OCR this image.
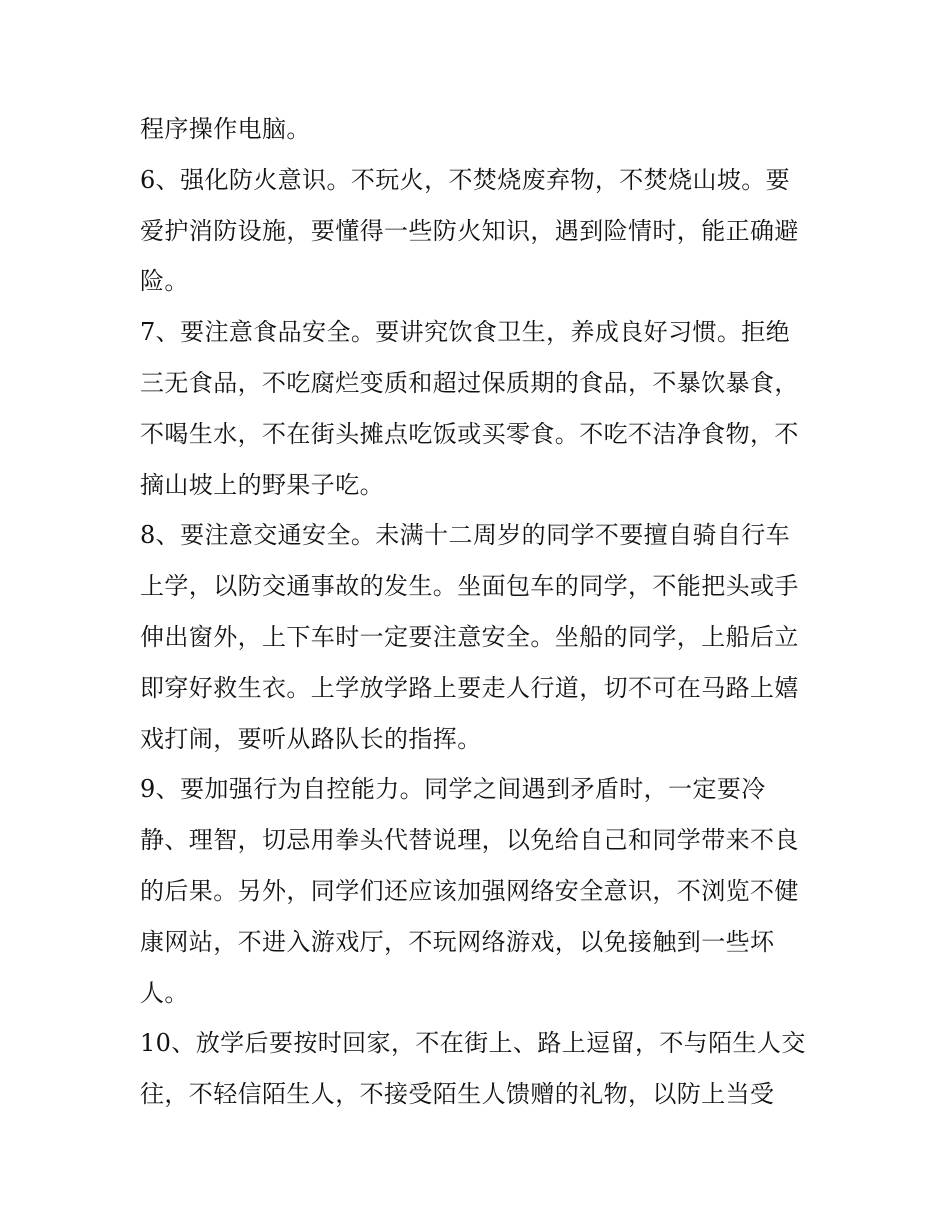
程序操作电脑。
6、强化防火意识。不玩火，不焚烧废弃物，不焚烧山坡。要
爱护消防设施，要懂得一些防火知识，遇到险情时，能正确避
险。
7、要注意食品安全。要讲究饮食卫生，养成良好习惯。拒绝
三无食品，不吃腐烂变质和超过保质期的食品，不暴饮暴食，
不喝生水，不在街头摊点吃饭或买零食。不吃不洁净食物，不
摘山坡上的野果子吃。
8、要注意交通安全。未满十二周岁的同学不要擅自骑自行车
上学，以防交通事故的发生。坐面包车的同学，不能把头或手
伸出窗外，上下车时一定要注意安全。坐船的同学，上船后立
即穿好救生衣。上学放学路上要走人行道，切不可在马路上嬉
戏打闹，要听从路队长的指挥。
9、要加强行为自控能力。同学之间遇到矛盾时，一定要冷
静、理智，切忌用拳头代替说理，以免给自己和同学带来不良
的后果。另外，同学们还应该加强网络安全意识，不浏览不健
康网站，不进入游戏厅，不玩网络游戏，以免接触到一些坏
人。
10、放学后要按时回家，不在街上、路上逗留，不与陌生人交
往，不轻信陌生人，不接受陌生人馈赠的礼物，以防上当受
